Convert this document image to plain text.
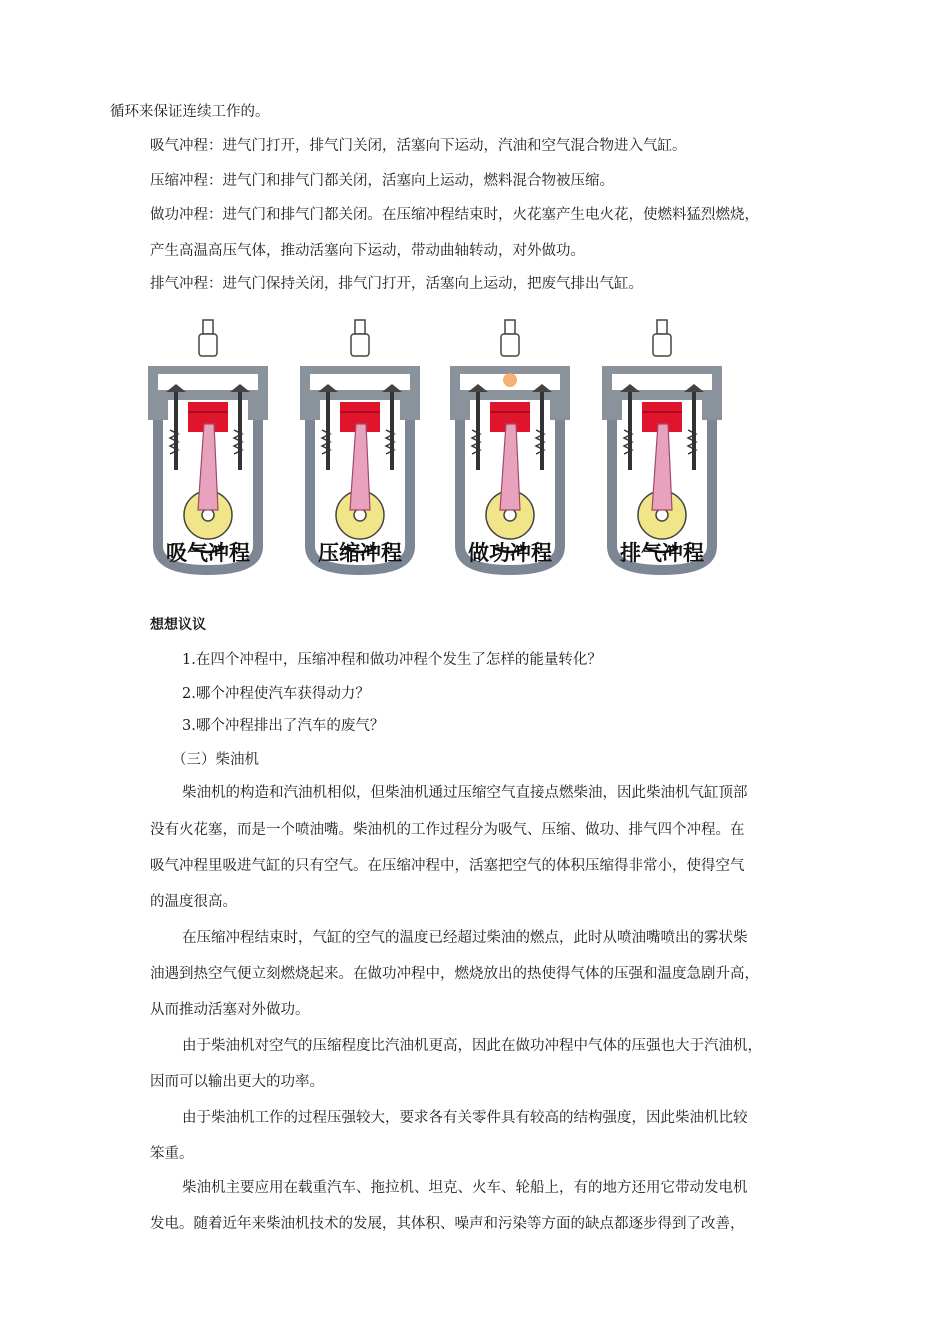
循环来保证连续工作的。
吸气冲程：进气门打开，排气门关闭，活塞向下运动，汽油和空气混合物进入气缸。
压缩冲程：进气门和排气门都关闭，活塞向上运动，燃料混合物被压缩。
做功冲程：进气门和排气门都关闭。在压缩冲程结束时，火花塞产生电火花，使燃料猛烈燃烧，
产生高温高压气体，推动活塞向下运动，带动曲轴转动，对外做功。
排气冲程：进气门保持关闭，排气门打开，活塞向上运动，把废气排出气缸。
吸气冲程	压缩冲程	做功冲程	排气冲程
想想议议
1.在四个冲程中，压缩冲程和做功冲程个发生了怎样的能量转化？
2.哪个冲程使汽车获得动力？
3.哪个冲程排出了汽车的废气？
（三）柴油机
柴油机的构造和汽油机相似，但柴油机通过压缩空气直接点燃柴油，因此柴油机气缸顶部
没有火花塞，而是一个喷油嘴。柴油机的工作过程分为吸气、压缩、做功、排气四个冲程。在
吸气冲程里吸进气缸的只有空气。在压缩冲程中，活塞把空气的体积压缩得非常小，使得空气
的温度很高。
在压缩冲程结束时，气缸的空气的温度已经超过柴油的燃点，此时从喷油嘴喷出的雾状柴
油遇到热空气便立刻燃烧起来。在做功冲程中，燃烧放出的热使得气体的压强和温度急剧升高，
从而推动活塞对外做功。
由于柴油机对空气的压缩程度比汽油机更高，因此在做功冲程中气体的压强也大于汽油机，
因而可以输出更大的功率。
由于柴油机工作的过程压强较大，要求各有关零件具有较高的结构强度，因此柴油机比较
笨重。
柴油机主要应用在载重汽车、拖拉机、坦克、火车、轮船上，有的地方还用它带动发电机
发电。随着近年来柴油机技术的发展，其体积、噪声和污染等方面的缺点都逐步得到了改善，
